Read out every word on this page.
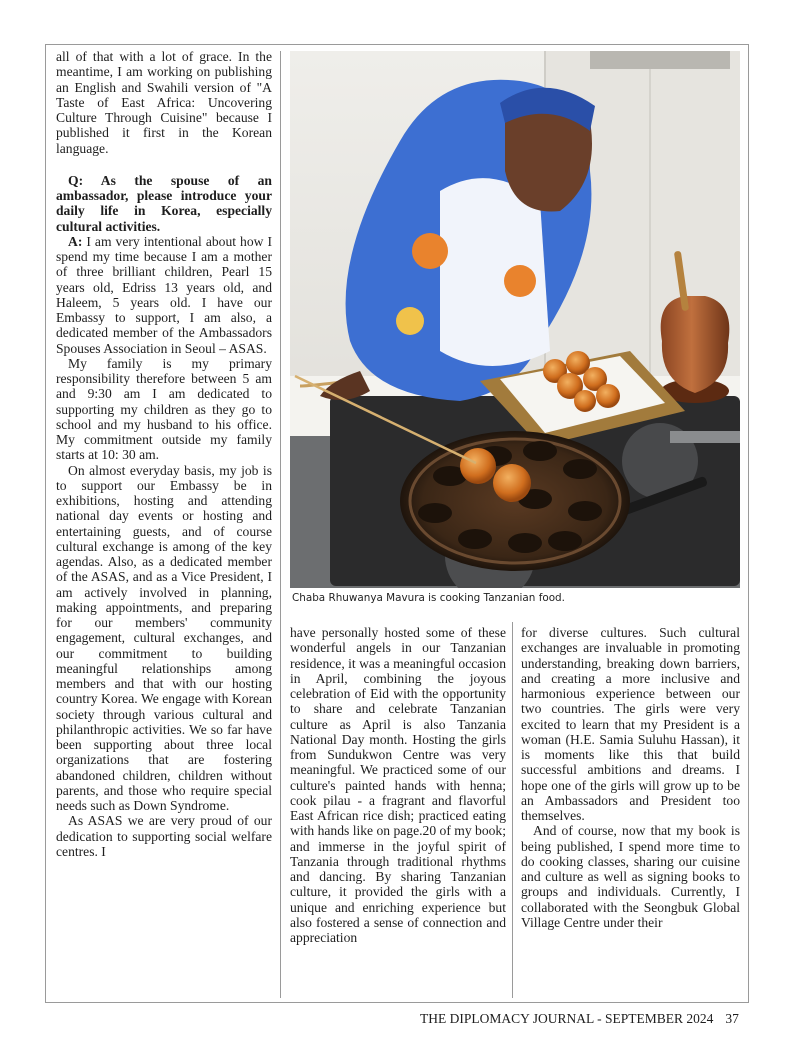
all of that with a lot of grace. In the meantime, I am working on publishing an English and Swahili version of "A Taste of East Africa: Uncovering Culture Through Cuisine" because I published it first in the Korean language.

Q: As the spouse of an ambassador, please introduce your daily life in Korea, especially cultural activities.

A: I am very intentional about how I spend my time because I am a mother of three brilliant children, Pearl 15 years old, Edriss 13 years old, and Haleem, 5 years old. I have our Embassy to support, I am also, a dedicated member of the Ambassadors Spouses Association in Seoul – ASAS.

My family is my primary responsibility therefore between 5 am and 9:30 am I am dedicated to supporting my children as they go to school and my husband to his office. My commitment outside my family starts at 10: 30 am.

On almost everyday basis, my job is to support our Embassy be in exhibitions, hosting and attending national day events or hosting and entertaining guests, and of course cultural exchange is among of the key agendas. Also, as a dedicated member of the ASAS, and as a Vice President, I am actively involved in planning, making appointments, and preparing for our members' community engagement, cultural exchanges, and our commitment to building meaningful relationships among members and that with our hosting country Korea. We engage with Korean society through various cultural and philanthropic activities. We so far have been supporting about three local organizations that are fostering abandoned children, children without parents, and those who require special needs such as Down Syndrome.

As ASAS we are very proud of our dedication to supporting social welfare centres. I

Chaba Rhuwanya Mavura is cooking Tanzanian food.

have personally hosted some of these wonderful angels in our Tanzanian residence, it was a meaningful occasion in April, combining the joyous celebration of Eid with the opportunity to share and celebrate Tanzanian culture as April is also Tanzania National Day month. Hosting the girls from Sundukwon Centre was very meaningful. We practiced some of our culture's painted hands with henna; cook pilau - a fragrant and flavorful East African rice dish; practiced eating with hands like on page.20 of my book; and immerse in the joyful spirit of Tanzania through traditional rhythms and dancing. By sharing Tanzanian culture, it provided the girls with a unique and enriching experience but also fostered a sense of connection and appreciation

for diverse cultures. Such cultural exchanges are invaluable in promoting understanding, breaking down barriers, and creating a more inclusive and harmonious experience between our two countries. The girls were very excited to learn that my President is a woman (H.E. Samia Suluhu Hassan), it is moments like this that build successful ambitions and dreams. I hope one of the girls will grow up to be an Ambassadors and President too themselves.

And of course, now that my book is being published, I spend more time to do cooking classes, sharing our cuisine and culture as well as signing books to groups and individuals. Currently, I collaborated with the Seongbuk Global Village Centre under their

THE DIPLOMACY JOURNAL - SEPTEMBER 2024 37
